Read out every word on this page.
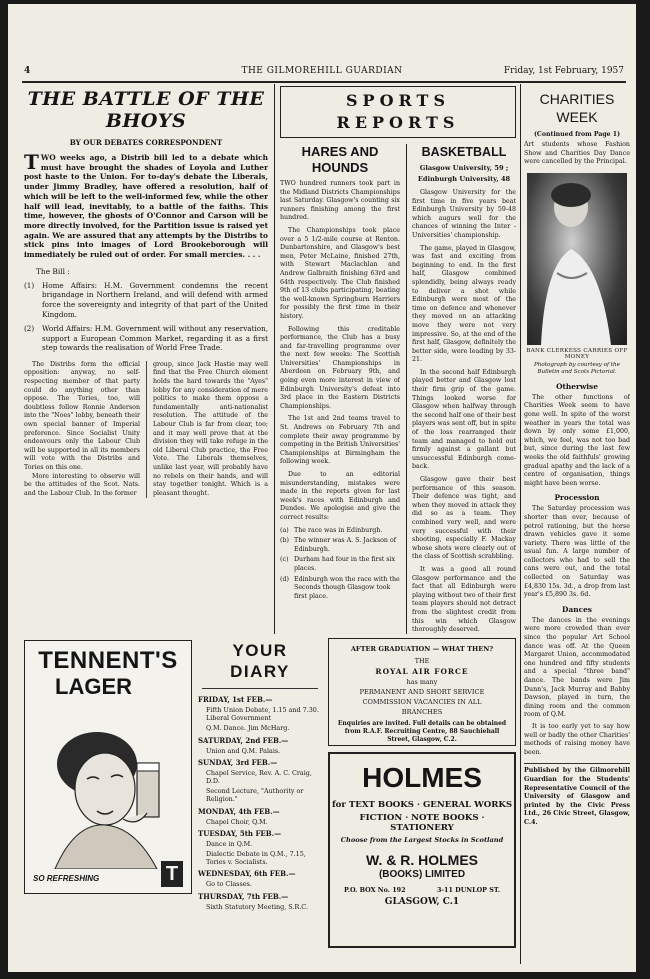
4	THE GILMOREHILL GUARDIAN	Friday, 1st February, 1957
THE BATTLE OF THE
BHOYS
BY OUR DEBATES CORRESPONDENT
TWO weeks ago, a Distrib bill led to a debate which must have brought the shades of Loyola and Luther post haste to the Union. For to-day's debate the Liberals, under Jimmy Bradley, have offered a resolution, half of which will be left to the well-informed few, while the other half will lead, inevitably, to a battle of the faiths. This time, however, the ghosts of O'Connor and Carson will be more directly involved, for the Partition issue is raised yet again. We are assured that any attempts by the Distribs to stick pins into images of Lord Brookeborough will immediately be ruled out of order. For small mercies. . . .
The Bill :
(1)	Home Affairs: H.M. Government condemns the recent brigandage in Northern Ireland, and will defend with armed force the sovereignty and integrity of that part of the United Kingdom.
(2)	World Affairs: H.M. Government will without any reservation, support a European Common Market, regarding it as a first step towards the realisation of World Free Trade.

The Distribs form the official opposition: anyway, no self-respecting member of that party could do anything other than oppose. The Tories, too, will doubtless follow Ronnie Anderson into the "Noes" lobby, beneath their own special banner of Imperial preference. Since Socialist Unity endeavours only the Labour Club will be supported in all its members will vote with the Distribs and Tories on this one.

More interesting to observe will be the attitudes of the Scot. Nats. and the Labour Club. In the former

group, since Jack Hastie may well find that the Free Church element holds the hard towards the "Ayes" lobby for any consideration of mere politics to make them oppose a fundamentally anti-nationalist resolution. The attitude of the Labour Club is far from clear, too; and it may well prove that at the division they will take refuge in the old Liberal Club practice, the Free Vote. The Liberals themselves, unlike last year, will probably have no rebels on their hands, and will stay together tonight. Which is a pleasant thought.

TENNENT'S
LAGER
SO REFRESHING	T
YOUR
DIARY

FRIDAY, 1st FEB.—

Fifth Union Debate, 1.15 and 7.30. Liberal Government

Q.M. Dance. Jim McHarg.

SATURDAY, 2nd FEB.—

Union and Q.M. Palais.

SUNDAY, 3rd FEB.—

Chapel Service, Rev. A. C. Craig, D.D.

Second Lecture, "Authority or Religion."

MONDAY, 4th FEB.—

Chapel Choir, Q.M.

TUESDAY, 5th FEB.—

Dance in Q.M.

Dialectic Debate in Q.M., 7.15, Tories v. Socialists.

WEDNESDAY, 6th FEB.—

Go to Classes.

THURSDAY, 7th FEB.—

Sixth Statutory Meeting, S.R.C.

SPORTS
REPORTS
HARES AND
HOUNDS

TWO hundred runners took part in the Midland Districts Championships last Saturday. Glasgow's counting six runners finishing among the first hundred.

The Championships took place over a 5 1/2-mile course at Renton. Dunbartonshire, and Glasgow's best men, Peter McLaine, finished 27th, with Stewart Maclachlan and Andrew Galbraith finishing 63rd and 64th respectively. The Club finished 9th of 13 clubs participating, beating the well-known Springburn Harriers for possibly the first time in their history.

Following this creditable performance, the Club has a busy and far-travelling programme over the next few weeks: The Scottish Universities' Championships in Aberdeen on February 9th, and going even more interest in view of Edinburgh University's defeat into 3rd place in the Eastern Districts Championships.

The 1st and 2nd teams travel to St. Andrews on February 7th and complete their away programme by competing in the British Universities' Championships at Birmingham the following week.

Due to an editorial misunderstanding, mistakes were made in the reports given for last week's races with Edinburgh and Dundee. We apologise and give the correct results:

(a) The race was in Edinburgh.
(b) The winner was A. S. Jackson of Edinburgh.
(c) Durham had four in the first six places.
(d) Edinburgh won the race with the Seconds though Glasgow took first place.
BASKETBALL
Glasgow University, 59 ;
Edinburgh University, 48

Glasgow University for the first time in five years beat Edinburgh University by 59-48 which augurs well for the chances of winning the Inter - Universities' championship.

The game, played in Glasgow, was fast and exciting from beginning to end. In the first half, Glasgow combined splendidly, being always ready to deliver a shot while Edinburgh were most of the time on defence and whenever they moved on an attacking move they were not very impressive. So, at the end of the first half, Glasgow, definitely the better side, were leading by 33-21.

In the second half Edinburgh played better and Glasgow lost their firm grip of the game. Things looked worse for Glasgow when halfway through the second half one of their best players was sent off, but in spite of the loss rearranged their team and managed to hold out firmly against a gallant but unsuccessful Edinburgh come-back.

Glasgow gave their best performance of this season. Their defence was tight, and when they moved in attack they did so as a team. They combined very well, and were very successful with their shooting, especially F. Mackay whose shots were clearly out of the class of Scottish scrabbling.

It was a good all round Glasgow performance and the fact that all Edinburgh were playing without two of their first team players should not detract from the slightest credit from this win which Glasgow thoroughly deserved.

AFTER GRADUATION — WHAT THEN?
THE
ROYAL AIR FORCE
has many
PERMANENT AND SHORT SERVICE
COMMISSION VACANCIES IN ALL
BRANCHES
Enquiries are invited. Full details can be obtained from R.A.F. Recruiting Centre, 88 Sauchiehall Street, Glasgow, C.2.
HOLMES
for TEXT BOOKS · GENERAL WORKS
FICTION · NOTE BOOKS · STATIONERY
Choose from the Largest Stocks in Scotland
W. & R. HOLMES
(BOOKS) LIMITED
P.O. BOX No. 192	3-11 DUNLOP ST.
GLASGOW, C.1
CHARITIES
WEEK
(Continued from Page 1)

Art students whose Fashion Show and Charities Day Dance were cancelled by the Principal.

BANK CLERKESS CARRIES OFF MONEY
Photograph by courtesy of the Bulletin and Scots Pictorial.
Otherwise

The other functions of Charities Week seem to have gone well. In spite of the worst weather in years the total was down by only some £1,000, which, we feel, was not too bad but, since during the last few weeks the old faithfuls' growing gradual apathy and the lack of a centre of organisation, things might have been worse.

Procession

The Saturday procession was shorter than ever, because of petrol rationing, but the horse drawn vehicles gave it some variety. There was little of the usual fun. A large number of collectors who had to sell the cans were out, and the total collected on Saturday was £4,830 15s. 3d., a drop from last year's £5,890 3s. 6d.

Dances

The dances in the evenings were more crowded than ever since the popular Art School dance was off. At the Queen Margaret Union, accommodated one hundred and fifty students and a special "three band" dance. The bands were Jim Dunn's, Jack Murray and Babby Dawson, played in turn, the dining room and the common room of Q.M.

It is too early yet to say how well or badly the other Charities' methods of raising money have been.

Published by the Gilmorehill Guardian for the Students' Representative Council of the University of Glasgow and printed by the Civic Press Ltd., 26 Civic Street, Glasgow, C.4.
